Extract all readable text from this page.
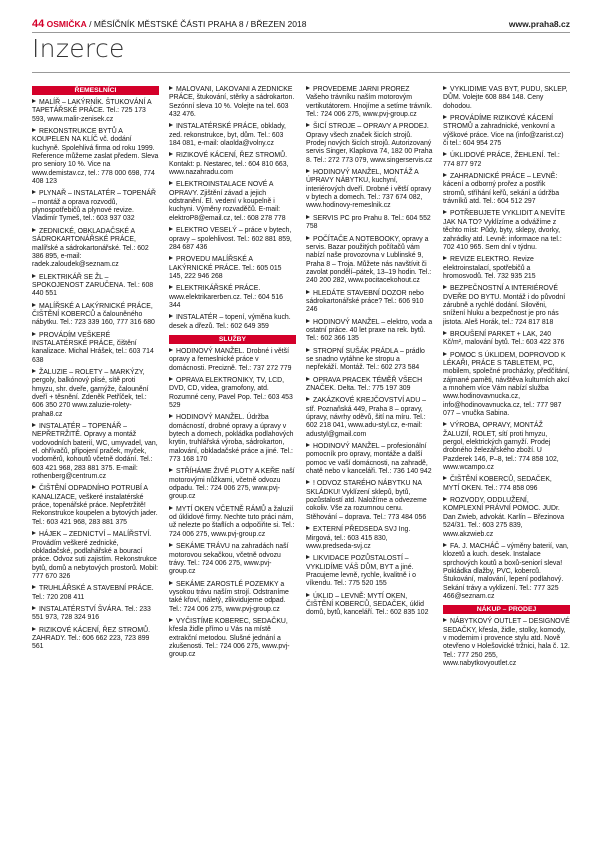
44 OSMIČKA / MĚSÍČNÍK MĚSTSKÉ ČÁSTI PRAHA 8 / BŘEZEN 2018	www.praha8.cz
Inzerce
ŘEMESLNÍCI
MALÍŘ – LAKÝRNÍK. ŠTUKOVÁNÍ A TAPETÁŘSKÉ PRÁCE. Tel.: 725 173 593, www.malir-zenisek.cz
REKONSTRUKCE BYTŮ A KOUPELEN NA KLÍČ vč. dodání kuchyně. Spolehlivá firma od roku 1999. Reference můžeme zaslat předem. Sleva pro seniory 10 %. Vice na www.demistav.cz, tel.: 778 000 698, 774 408 123
PLYNAŘ – INSTALATÉR – TOPENÁŘ – montáž a oprava rozvodů, plynospotřebičů a plynové revize. Vladimír Tymeš, tel.: 603 937 032
ZEDNICKÉ, OBKLADAČSKÉ A SÁDROKARTONÁŘSKÉ PRÁCE, malířské a sádrokartonářské. Tel.: 602 386 895, e-mail: radek.zaloudek@seznam.cz
ELEKTRIKÁŘ SE ŽL – SPOKOJENOST ZARUČENA. Tel.: 608 440 551
MALÍŘSKÉ A LAKÝRNICKÉ PRÁCE, ČIŠTĚNÍ KOBERCŮ a čalouněného nábytku. Tel.: 723 339 160, 777 316 680
PROVÁDÍM VEŠKERÉ INSTALATÉRSKÉ PRÁCE, čištění kanalizace. Michal Hrášek, tel.: 603 714 638
ŽALUZIE – ROLETY – MARKÝZY, pergoly, balkónový plisé, sítě proti hmyzu, shr. dveře, garnýže, čalounění dveří + těsnění. Zdeněk Petříček, tel.: 606 350 270 www.zaluzie-rolety-praha8.cz
INSTALATÉR – TOPENÁŘ – NEPŘETRŽITĚ. Opravy a montáž vodovodních baterií, WC, umyvadel, van, el. ohřívačů, připojení praček, myček, vodoměrů, kohoutů včetně dodání. Tel.: 603 421 968, 283 881 375. E-mail: rothenberg@centrum.cz
ČIŠTĚNÍ ODPADNÍHO POTRUBÍ A KANALIZACE, veškeré instalatérské práce, topenářské práce. Nepřetržitě! Rekonstrukce koupelen a bytových jader. Tel.: 603 421 968, 283 881 375
HÁJEK – ZEDNICTVÍ – MALÍŘSTVÍ. Provádím veškeré zednické, obkladačské, podlahářské a bourací práce. Odvoz suti zajistím. Rekonstrukce bytů, domů a nebytových prostorů. Mobil: 777 670 326
TRUHLÁŘSKÉ A STAVEBNÍ PRÁCE. Tel.: 720 208 411
INSTALATÉRSTVÍ ŠVÁRA. Tel.: 233 551 973, 728 324 916
RIZIKOVÉ KÁCENÍ, ŘEZ STROMŮ. ZAHRADY. Tel.: 606 662 223, 723 899 561
MALOVÁNÍ, LAKOVÁNÍ A ZEDNICKÉ PRÁCE, štukování, stěrky a sádrokarton. Sezónní sleva 10 %. Volejte na tel. 603 432 476.
INSTALATÉRSKÉ PRÁCE, obklady, zed. rekonstrukce, byt, dům. Tel.: 603 184 081, e-mail: olaolda@volny.cz
RIZIKOVÉ KÁCENÍ, ŘEZ STROMŮ. Kontakt: p. Nestarec, tel.: 604 810 663, www.nazahradu.com
ELEKTROINSTALACE NOVÉ A OPRAVY. Zjištění závad a jejich odstranění. El. vedení v koupelně i kuchyni. Výměny rozvaděčů. E-mail: elektroP8@email.cz, tel.: 608 278 778
ELEKTRO VESELÝ – práce v bytech, opravy – spolehlivost. Tel.: 602 881 859, 284 687 436
PROVEDU MALÍŘSKÉ A LAKÝRNICKÉ PRÁCE. Tel.: 605 015 145, 222 946 268
ELEKTRIKÁŘSKÉ PRÁCE. www.elektrikarerben.cz. Tel.: 604 516 344
INSTALATÉR – topení, výměna kuch. desek a dřezů. Tel.: 602 649 359
SLUŽBY
HODINOVÝ MANŽEL. Drobné i větší opravy a řemeslnické práce v domácnosti. Precizně. Tel.: 737 272 779
OPRAVA ELEKTRONIKY, TV, LCD, DVD, CD, videa, gramofony, atd. Rozumné ceny, Pavel Pop. Tel.: 603 453 529
HODINOVÝ MANŽEL. Údržba domácností, drobné opravy a úpravy v bytech a domech, pokládka podlahových krytin, truhlářská výroba, sádrokarton, malování, obkladačské práce a jiné. Tel.: 773 168 170
STŘÍHÁME ŽIVÉ PLOTY A KEŘE naší motorovými nůžkami, včetně odvozu odpadu. Tel.: 724 006 275, www.pvj-group.cz
MYTÍ OKEN VČETNĚ RÁMŮ a žaluzií od úklidové firmy. Nechte tuto práci nám, už nelezte po štaflích a odpočiňte si. Tel.: 724 006 275, www.pvj-group.cz
SEKÁME TRÁVU na zahradách naší motorovou sekačkou, včetně odvozu trávy. Tel.: 724 006 275, www.pvj-group.cz
SEKÁME ZAROSTLÉ POZEMKY a vysokou trávu naším strojí. Odstraníme také křoví, náletý, zlikvidujeme odpad. Tel.: 724 006 275, www.pvj-group.cz
VYČISTÍME KOBEREC, SEDAČKU, křesla židle přímo u Vás na místě extrakční metodou. Slušné jednání a zkušenosti. Tel.: 724 006 275, www.pvj-group.cz
PROVEDEME JARNÍ PROŘEZ Vašeho trávníku naším motorovým vertikutátorem. Hnojíme a setíme trávník. Tel.: 724 006 275, www.pvj-group.cz
ŠICÍ STROJE – OPRAVY A PRODEJ. Opravy všech značek šicích strojů. Prodej nových šicích strojů. Autorizovaný servis Singer, Klapkova 74, 182 00 Praha 8. Tel.: 272 773 079, www.singerservis.cz
HODINOVÝ MANŽEL, MONTÁŽ A ÚPRAVY NÁBYTKU, kuchyní, interiérových dveří. Drobné i větší opravy v bytech a domech. Tel.: 737 674 082, www.hodinovy-remeslnik.cz
SERVIS PC pro Prahu 8. Tel.: 604 552 758
POČÍTAČE A NOTEBOOKY, opravy a servis. Bazar použitých počítačů vám nabízí naše provozovna v Lublinské 9, Praha 8 – Troja. Můžete nás navštívit či zavolat pondělí–pátek, 13–19 hodin. Tel.: 240 200 282, www.pocitacekohout.cz
HLEDÁTE STAVEBNÍ DOZOR nebo sádrokartonářské práce? Tel.: 606 910 246
HODINOVÝ MANŽEL – elektro, voda a ostatní práce. 40 let praxe na rek. bytů. Tel.: 602 366 135
STROPNÍ SUŠÁK PRÁDLA – prádlo se snadno vytáhne ke stropu a nepřekáží. Montáž. Tel.: 602 273 584
OPRAVA PRACEK TÉMĚŘ VŠECH ZNAČEK. Delta. Tel.: 775 197 309
ZAKÁZKOVÉ KREJČOVSTVÍ ADU – stř. Poznaňská 449, Praha 8 – opravy, úpravy, návrhy oděvů, šití na míru. Tel.: 602 218 041, www.adu-styl.cz, e-mail: adustyl@gmail.com
HODINOVÝ MANŽEL – profesionální pomocník pro opravy, montáže a další pomoc ve vaší domácnosti, na zahradě, chatě nebo v kanceláři. Tel.: 736 140 942
! ODVOZ STARÉHO NÁBYTKU NA SKLÁDKU! Vyklízení sklepů, bytů, pozůstalostí atd. Naložíme a odvezeme cokoliv. Vše za rozumnou cenu. Stěhování – doprava. Tel.: 773 484 056
EXTERNÍ PŘEDSEDA SVJ Ing. Mirgová, tel.: 603 415 830, www.predseda-svj.cz
LIKVIDACE POZŮSTALOSTÍ – VYKLIDÍME VÁŠ DŮM, BYT a jiné. Pracujeme levně, rychle, kvalitně i o víkendu. Tel.: 775 520 155
ÚKLID – LEVNĚ: MYTÍ OKEN, ČIŠTĚNÍ KOBERCŮ, SEDAČEK, úklid domů, bytů, kanceláří. Tel.: 602 835 102
VYKLIDÍME VÁŠ BYT, PŮDU, SKLEP, DŮM. Volejte 608 884 148. Ceny dohodou.
PROVÁDÍME RIZIKOVÉ KÁCENÍ STROMŮ a zahradnické, venkovní a výškové práce. Vice na (info@zarist.cz) či tel.: 604 954 275
ÚKLIDOVÉ PRÁCE, ŽEHLENÍ. Tel.: 774 877 972
ZAHRADNICKÉ PRÁCE – LEVNĚ: kácení a odborný prořez a postřik stromů, stříhání keřů, sekání a údržba trávníků atd. Tel.: 604 512 297
POTŘEBUJETE VYKLIDIT A NEVÍTE JAK NA TO? Vyklízíme a odvážíme z těchto míst: Půdy, byty, sklepy, dvorky, zahrádky atd. Levně: informace na tel.: 702 410 965. Sem dní v týdnu.
REVIZE ELEKTRO. Revize elektroinstalací, spotřebičů a hromosvodů. Tel. 732 935 215
BEZPEČNOSTNÍ A INTERIÉROVÉ DVEŘE DO BYTU. Montáž i do původní zárubně a rychlé dodání. Silověni, snížení hluku a bezpečnost je pro nás jistota. Aleš Horák, tel.: 724 817 818
BROUŠENÍ PARKET + LAK, 240 Kč/m², malování bytů. Tel.: 603 422 376
POMOC S ÚKLIDEM, DOPROVOD K LÉKAŘI, PRÁCE S TABLETEM, PC, mobilem, společné procházky, předčítání, zájmané paměti, návštěva kulturních akcí a mnohem více Vám nabízí služba www.hodinovavnucka.cz, info@hodinovavnucka.cz, tel.: 777 987 077 – vnučka Sabina.
VÝROBA, OPRAVY, MONTÁŽ ŽALUZIÍ, ROLET, sítí proti hmyzu, pergol, elektrických garnyží. Prodej drobného železářského zboží. U Pazderek 146, P–8, tel.: 774 858 102, www.wcampo.cz
ČIŠTĚNÍ KOBERCŮ, SEDAČEK, MYTÍ OKEN. Tel.: 774 858 096
ROZVODY, ODDLUŽENÍ, KOMPLEXNÍ PRÁVNÍ POMOC. JUDr. Dan Zwieb, advokát. Karlín – Březinova 524/31. Tel.: 603 275 839, www.akzwieb.cz
FA. J. MACHÁČ – výměny baterií, van, klozetů a kuch. desek. Instalace sprchových koutů a boxů-seniorí sleva! Pokládka dlažby, PVC, koberců. Štukování, malování, lepení podlahový. Sekání trávy a vyklizení. Tel.: 777 325 466@seznam.cz
NÁKUP – PRODEJ
NÁBYTKOVÝ OUTLET – DESIGNOVÉ SEDAČKY, křesla, židle, stolky, komody, v modernim i provence stylu atd. Nově otevřeno v Holešovické tržnici, hala č. 12. Tel.: 777 250 255, www.nabytkovyoutlet.cz
